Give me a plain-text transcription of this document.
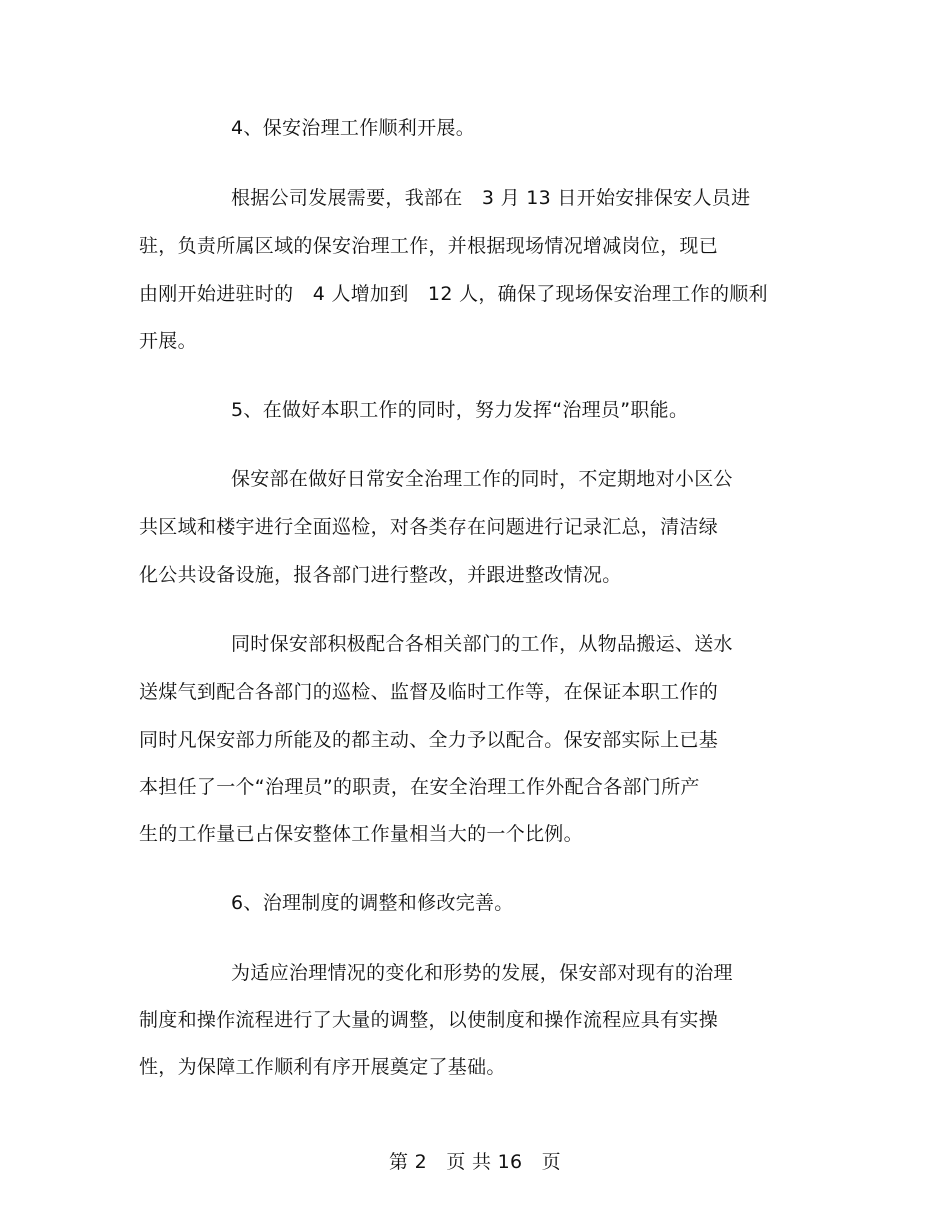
4、保安治理工作顺利开展。
根据公司发展需要，我部在　3 月 13 日开始安排保安人员进
驻，负责所属区域的保安治理工作，并根据现场情况增减岗位，现已
由刚开始进驻时的　4 人增加到　12 人，确保了现场保安治理工作的顺利
开展。
5、在做好本职工作的同时，努力发挥“治理员”职能。
保安部在做好日常安全治理工作的同时，不定期地对小区公
共区域和楼宇进行全面巡检，对各类存在问题进行记录汇总，清洁绿
化公共设备设施，报各部门进行整改，并跟进整改情况。
同时保安部积极配合各相关部门的工作，从物品搬运、送水
送煤气到配合各部门的巡检、监督及临时工作等，在保证本职工作的
同时凡保安部力所能及的都主动、全力予以配合。保安部实际上已基
本担任了一个“治理员”的职责，在安全治理工作外配合各部门所产
生的工作量已占保安整体工作量相当大的一个比例。
6、治理制度的调整和修改完善。
为适应治理情况的变化和形势的发展，保安部对现有的治理
制度和操作流程进行了大量的调整，以使制度和操作流程应具有实操
性，为保障工作顺利有序开展奠定了基础。
第 2　页 共 16　页
